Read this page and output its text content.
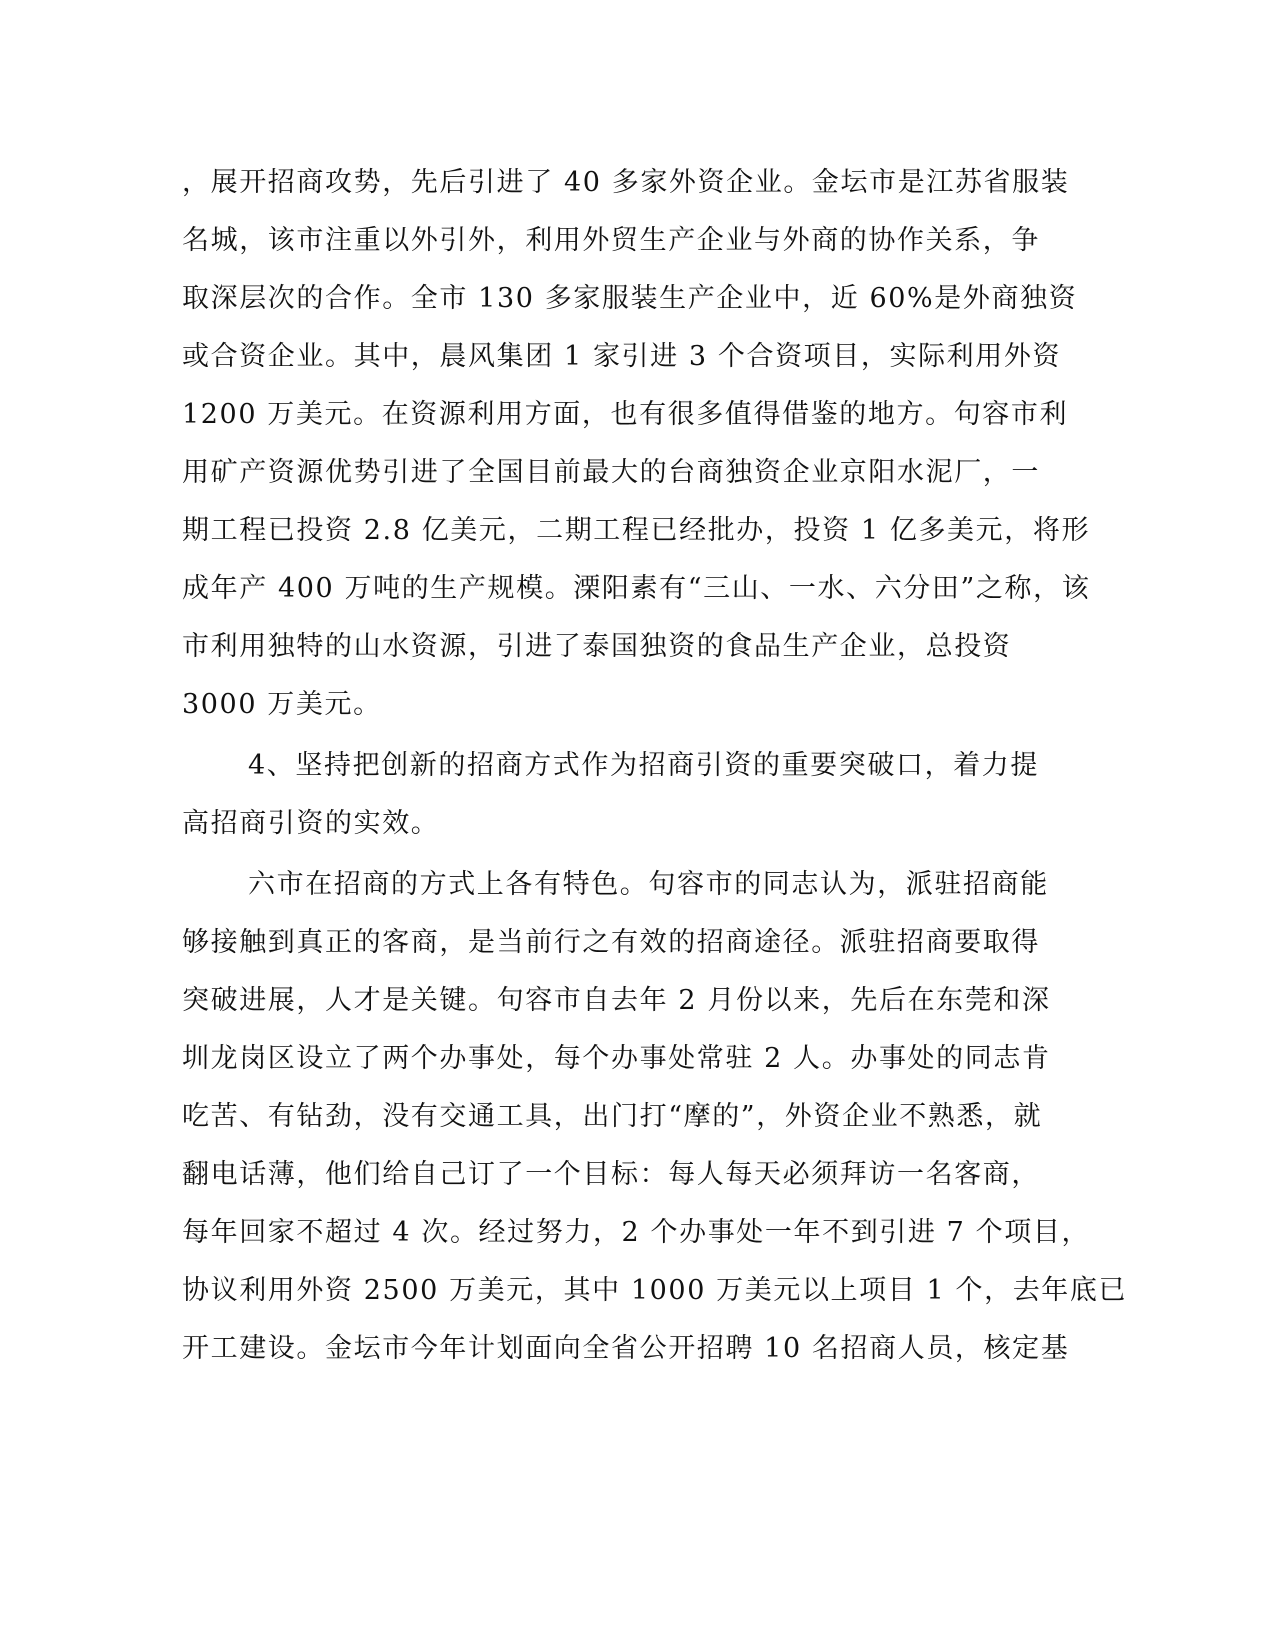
，展开招商攻势，先后引进了 40 多家外资企业。金坛市是江苏省服装
名城，该市注重以外引外，利用外贸生产企业与外商的协作关系，争
取深层次的合作。全市 130 多家服装生产企业中，近 60%是外商独资
或合资企业。其中，晨风集团 1 家引进 3 个合资项目，实际利用外资
1200 万美元。在资源利用方面，也有很多值得借鉴的地方。句容市利
用矿产资源优势引进了全国目前最大的台商独资企业京阳水泥厂，一
期工程已投资 2.8 亿美元，二期工程已经批办，投资 1 亿多美元，将形
成年产 400 万吨的生产规模。溧阳素有“三山、一水、六分田”之称，该
市利用独特的山水资源，引进了泰国独资的食品生产企业，总投资
3000 万美元。
4、坚持把创新的招商方式作为招商引资的重要突破口，着力提
高招商引资的实效。
六市在招商的方式上各有特色。句容市的同志认为，派驻招商能
够接触到真正的客商，是当前行之有效的招商途径。派驻招商要取得
突破进展，人才是关键。句容市自去年 2 月份以来，先后在东莞和深
圳龙岗区设立了两个办事处，每个办事处常驻 2 人。办事处的同志肯
吃苦、有钻劲，没有交通工具，出门打“摩的”，外资企业不熟悉，就
翻电话薄，他们给自己订了一个目标：每人每天必须拜访一名客商，
每年回家不超过 4 次。经过努力，2 个办事处一年不到引进 7 个项目，
协议利用外资 2500 万美元，其中 1000 万美元以上项目 1 个，去年底已
开工建设。金坛市今年计划面向全省公开招聘 10 名招商人员，核定基
